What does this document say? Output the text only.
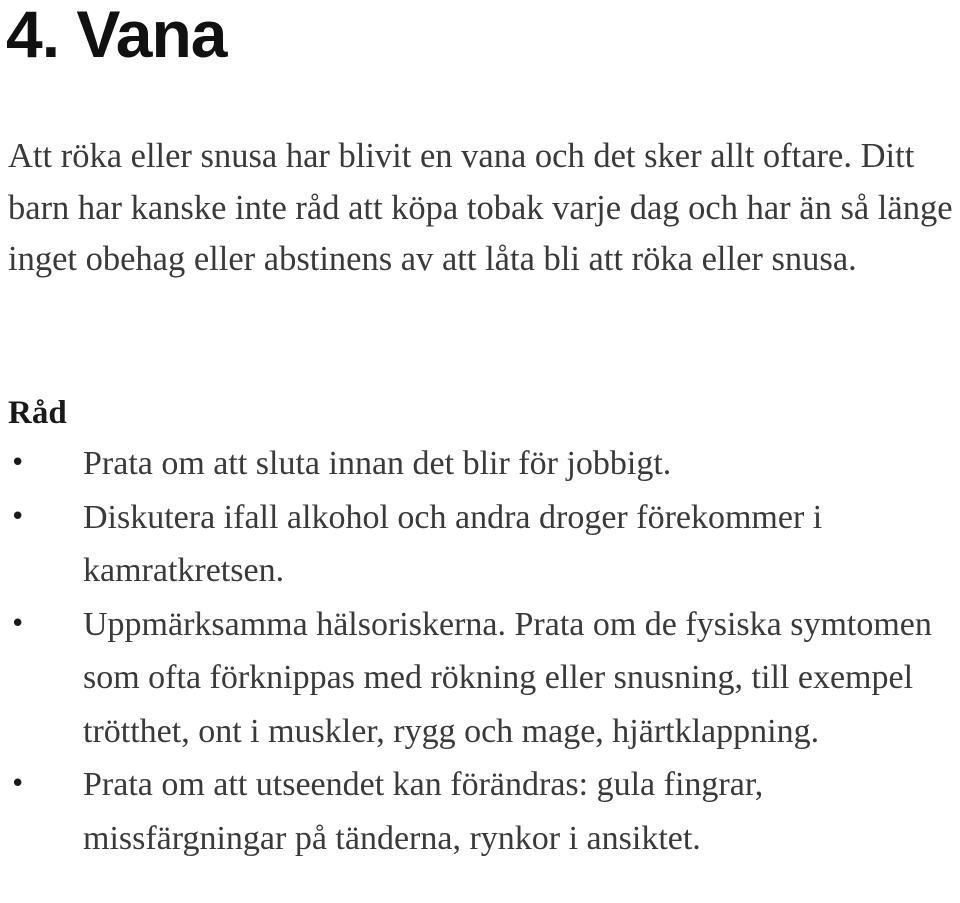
4. Vana

Att röka eller snusa har blivit en vana och det sker allt oftare. Ditt barn har kanske inte råd att köpa tobak varje dag och har än så länge inget obehag eller abstinens av att låta bli att röka eller snusa.

Råd
• Prata om att sluta innan det blir för jobbigt.
• Diskutera ifall alkohol och andra droger förekommer i kamratkretsen.
• Uppmärksamma hälsoriskerna. Prata om de fysiska symtomen som ofta förknippas med rökning eller snusning, till exempel trötthet, ont i muskler, rygg och mage, hjärtklappning.
• Prata om att utseendet kan förändras: gula fingrar, missfärgningar på tänderna, rynkor i ansiktet.
